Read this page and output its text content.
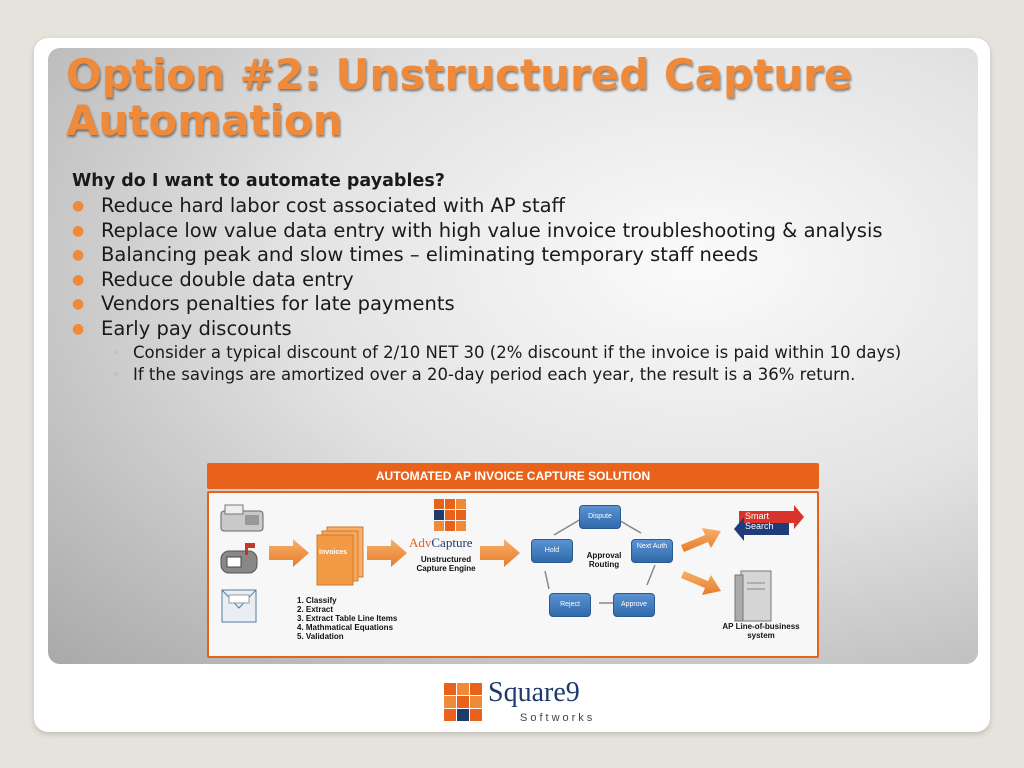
Option #2: Unstructured Capture Automation

Why do I want to automate payables?

● Reduce hard labor cost associated with AP staff
● Replace low value data entry with high value invoice troubleshooting & analysis
● Balancing peak and slow times – eliminating temporary staff needs
● Reduce double data entry
● Vendors penalties for late payments
● Early pay discounts
◦ Consider a typical discount of 2/10 NET 30 (2% discount if the invoice is paid within 10 days)
◦ If the savings are amortized over a 20-day period each year, the result is a 36% return.
AUTOMATED AP INVOICE CAPTURE SOLUTION
Invoices
1. Classify
2. Extract
3. Extract Table Line Items
4. Mathmatical Equations
5. Validation
AdvCapture
Unstructured Capture Engine
Dispute
Next Auth
Approve
Reject
Hold
Approval Routing
Smart Search
AP Line-of-business system
Square9
Softworks
